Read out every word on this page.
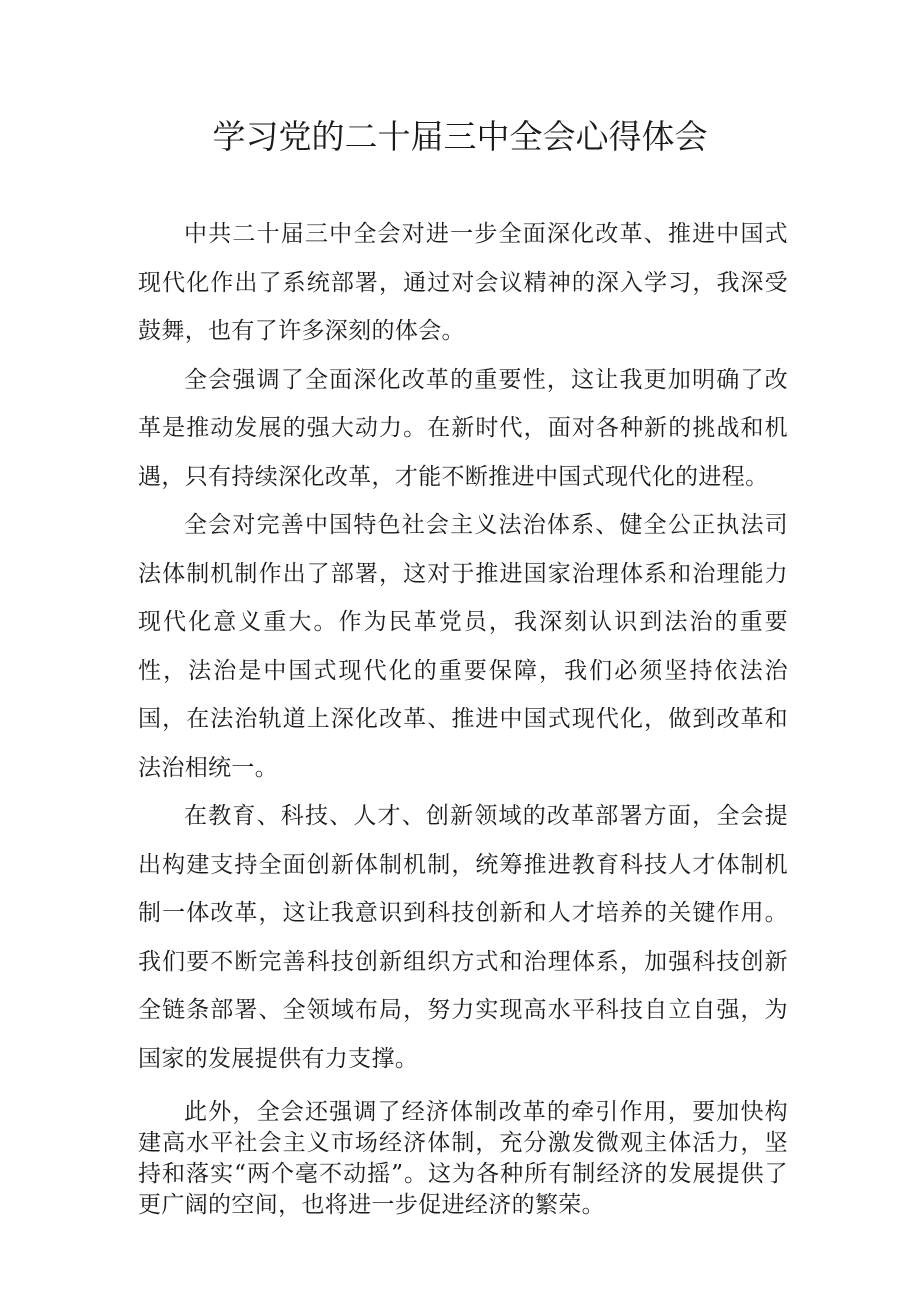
学习党的二十届三中全会心得体会

中共二十届三中全会对进一步全面深化改革、推进中国式现代化作出了系统部署，通过对会议精神的深入学习，我深受鼓舞，也有了许多深刻的体会。

全会强调了全面深化改革的重要性，这让我更加明确了改革是推动发展的强大动力。在新时代，面对各种新的挑战和机遇，只有持续深化改革，才能不断推进中国式现代化的进程。

全会对完善中国特色社会主义法治体系、健全公正执法司法体制机制作出了部署，这对于推进国家治理体系和治理能力现代化意义重大。作为民革党员，我深刻认识到法治的重要性，法治是中国式现代化的重要保障，我们必须坚持依法治国，在法治轨道上深化改革、推进中国式现代化，做到改革和法治相统一。

在教育、科技、人才、创新领域的改革部署方面，全会提出构建支持全面创新体制机制，统筹推进教育科技人才体制机制一体改革，这让我意识到科技创新和人才培养的关键作用。我们要不断完善科技创新组织方式和治理体系，加强科技创新全链条部署、全领域布局，努力实现高水平科技自立自强，为国家的发展提供有力支撑。

此外，全会还强调了经济体制改革的牵引作用，要加快构建高水平社会主义市场经济体制，充分激发微观主体活力，坚持和落实“两个毫不动摇”。这为各种所有制经济的发展提供了更广阔的空间，也将进一步促进经济的繁荣。
